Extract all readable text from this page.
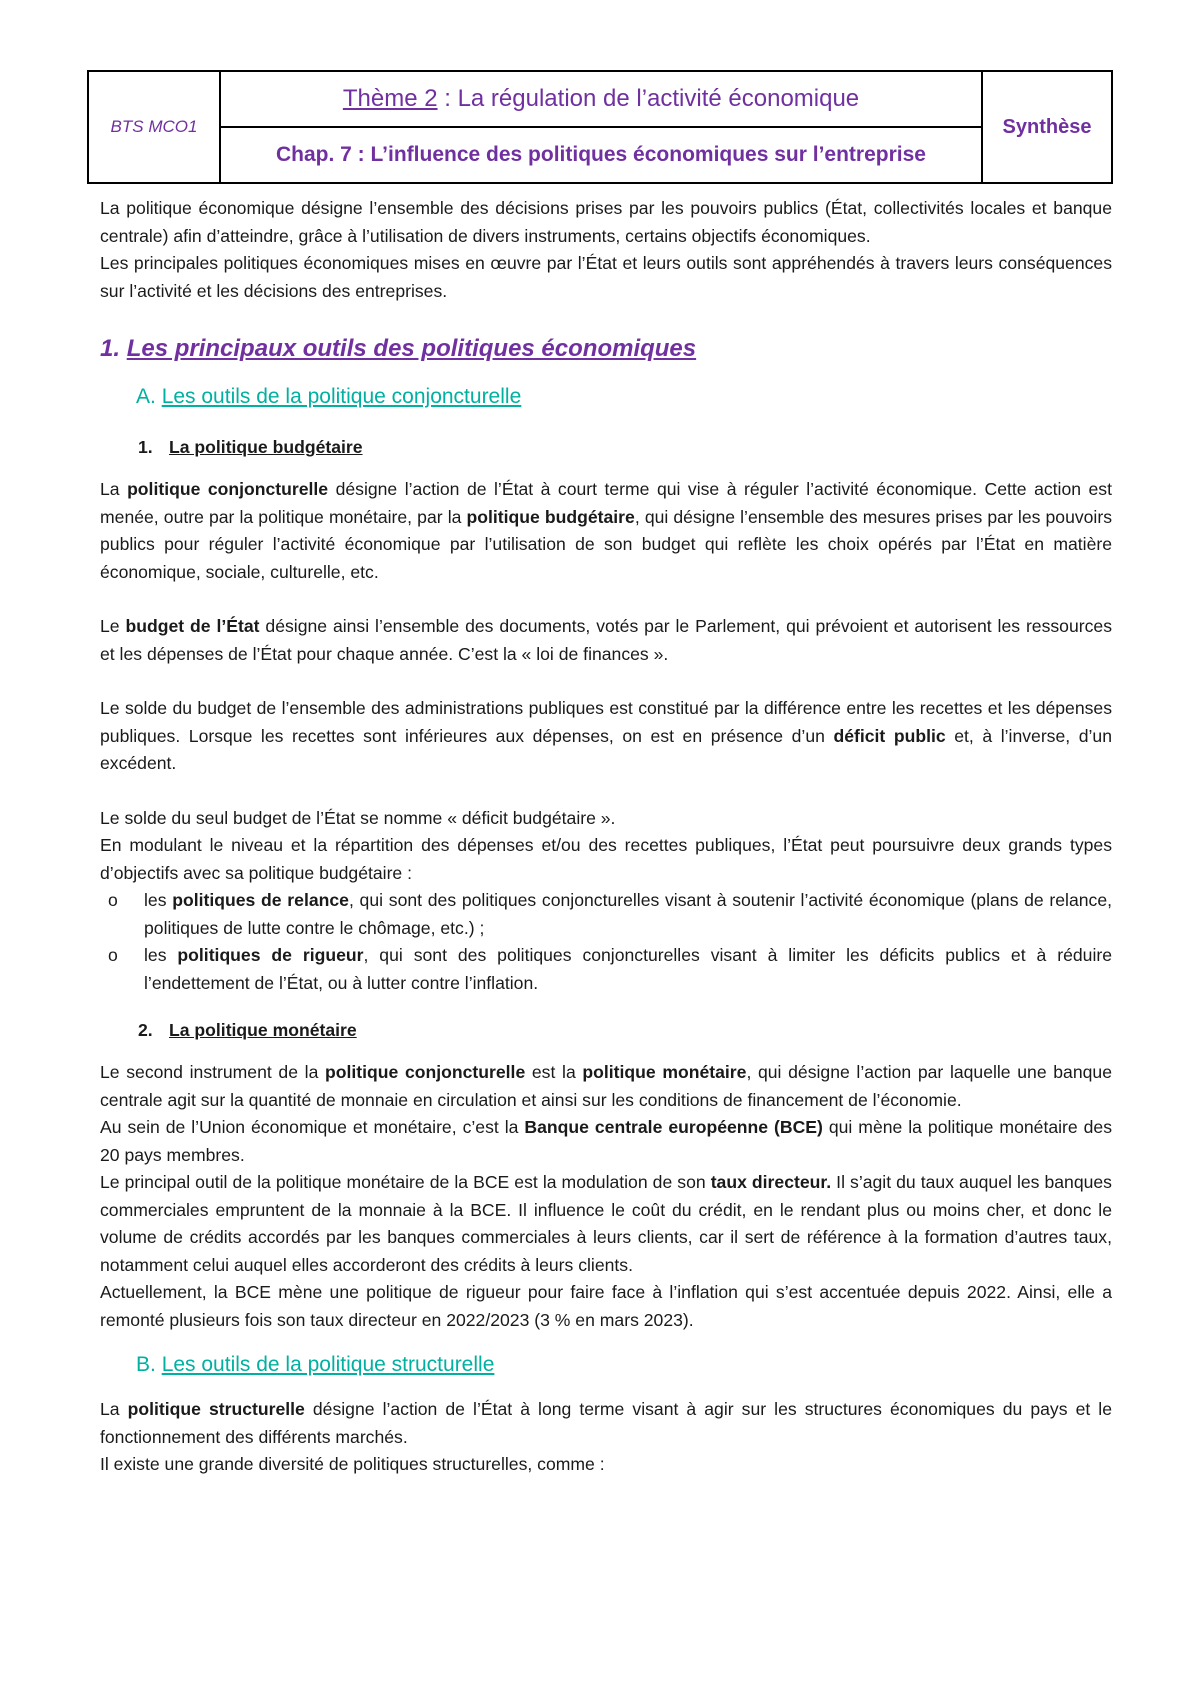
BTS MCO1
Thème 2 : La régulation de l’activité économique
Chap. 7 : L’influence des politiques économiques sur l’entreprise
Synthèse

La politique économique désigne l’ensemble des décisions prises par les pouvoirs publics (État, collectivités locales et banque centrale) afin d’atteindre, grâce à l’utilisation de divers instruments, certains objectifs économiques.

Les principales politiques économiques mises en œuvre par l’État et leurs outils sont appréhendés à travers leurs conséquences sur l’activité et les décisions des entreprises.

1. Les principaux outils des politiques économiques
A. Les outils de la politique conjoncturelle
1. La politique budgétaire

La politique conjoncturelle désigne l’action de l’État à court terme qui vise à réguler l’activité économique. Cette action est menée, outre par la politique monétaire, par la politique budgétaire, qui désigne l’ensemble des mesures prises par les pouvoirs publics pour réguler l’activité économique par l’utilisation de son budget qui reflète les choix opérés par l’État en matière économique, sociale, culturelle, etc.

Le budget de l’État désigne ainsi l’ensemble des documents, votés par le Parlement, qui prévoient et autorisent les ressources et les dépenses de l’État pour chaque année. C’est la « loi de finances ».

Le solde du budget de l’ensemble des administrations publiques est constitué par la différence entre les recettes et les dépenses publiques. Lorsque les recettes sont inférieures aux dépenses, on est en présence d’un déficit public et, à l’inverse, d’un excédent.

Le solde du seul budget de l’État se nomme « déficit budgétaire ».

En modulant le niveau et la répartition des dépenses et/ou des recettes publiques, l’État peut poursuivre deux grands types d’objectifs avec sa politique budgétaire :

o les politiques de relance, qui sont des politiques conjoncturelles visant à soutenir l’activité économique (plans de relance, politiques de lutte contre le chômage, etc.) ;
o les politiques de rigueur, qui sont des politiques conjoncturelles visant à limiter les déficits publics et à réduire l’endettement de l’État, ou à lutter contre l’inflation.
2. La politique monétaire

Le second instrument de la politique conjoncturelle est la politique monétaire, qui désigne l’action par laquelle une banque centrale agit sur la quantité de monnaie en circulation et ainsi sur les conditions de financement de l’économie.

Au sein de l’Union économique et monétaire, c’est la Banque centrale européenne (BCE) qui mène la politique monétaire des 20 pays membres.

Le principal outil de la politique monétaire de la BCE est la modulation de son taux directeur. Il s’agit du taux auquel les banques commerciales empruntent de la monnaie à la BCE. Il influence le coût du crédit, en le rendant plus ou moins cher, et donc le volume de crédits accordés par les banques commerciales à leurs clients, car il sert de référence à la formation d’autres taux, notamment celui auquel elles accorderont des crédits à leurs clients.

Actuellement, la BCE mène une politique de rigueur pour faire face à l’inflation qui s’est accentuée depuis 2022. Ainsi, elle a remonté plusieurs fois son taux directeur en 2022/2023 (3 % en mars 2023).

B. Les outils de la politique structurelle

La politique structurelle désigne l’action de l’État à long terme visant à agir sur les structures économiques du pays et le fonctionnement des différents marchés.

Il existe une grande diversité de politiques structurelles, comme :
